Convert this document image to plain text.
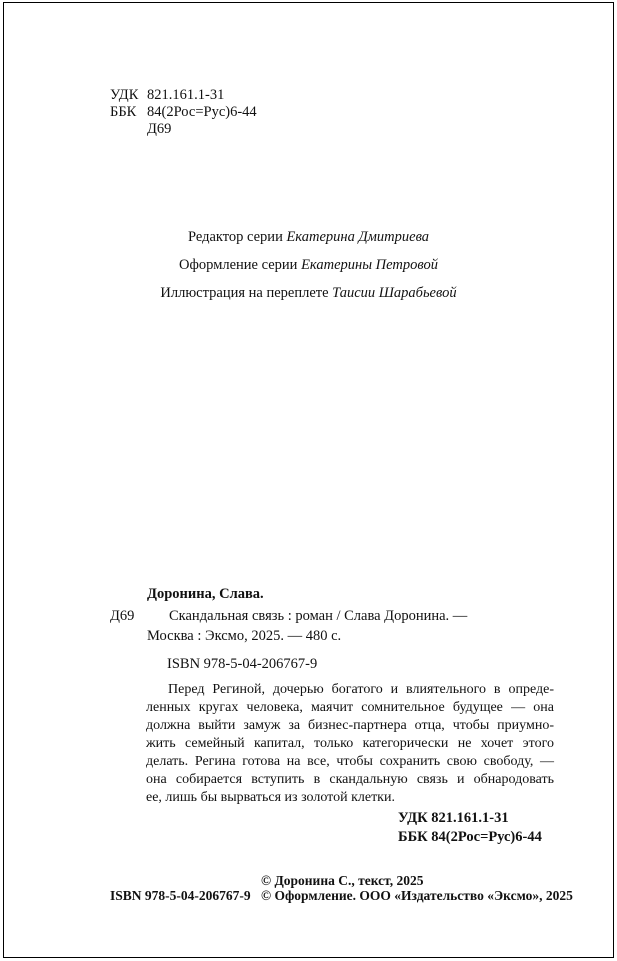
УДК 821.161.1-31
ББК 84(2Рос=Рус)6-44
Д69
Редактор серии Екатерина Дмитриева
Оформление серии Екатерины Петровой
Иллюстрация на переплете Таисии Шарабьевой
Доронина, Слава.
Д69 Скандальная связь : роман / Слава Доронина. —
Москва : Эксмо, 2025. — 480 с.
ISBN 978-5-04-206767-9
Перед Региной, дочерью богатого и влиятельного в опреде-
ленных кругах человека, маячит сомнительное будущее — она
должна выйти замуж за бизнес-партнера отца, чтобы приумно-
жить семейный капитал, только категорически не хочет этого
делать. Регина готова на все, чтобы сохранить свою свободу, —
она собирается вступить в скандальную связь и обнародовать
ее, лишь бы вырваться из золотой клетки.
УДК 821.161.1-31
ББК 84(2Рос=Рус)6-44
© Доронина С., текст, 2025
ISBN 978-5-04-206767-9 © Оформление. ООО «Издательство «Эксмо», 2025
